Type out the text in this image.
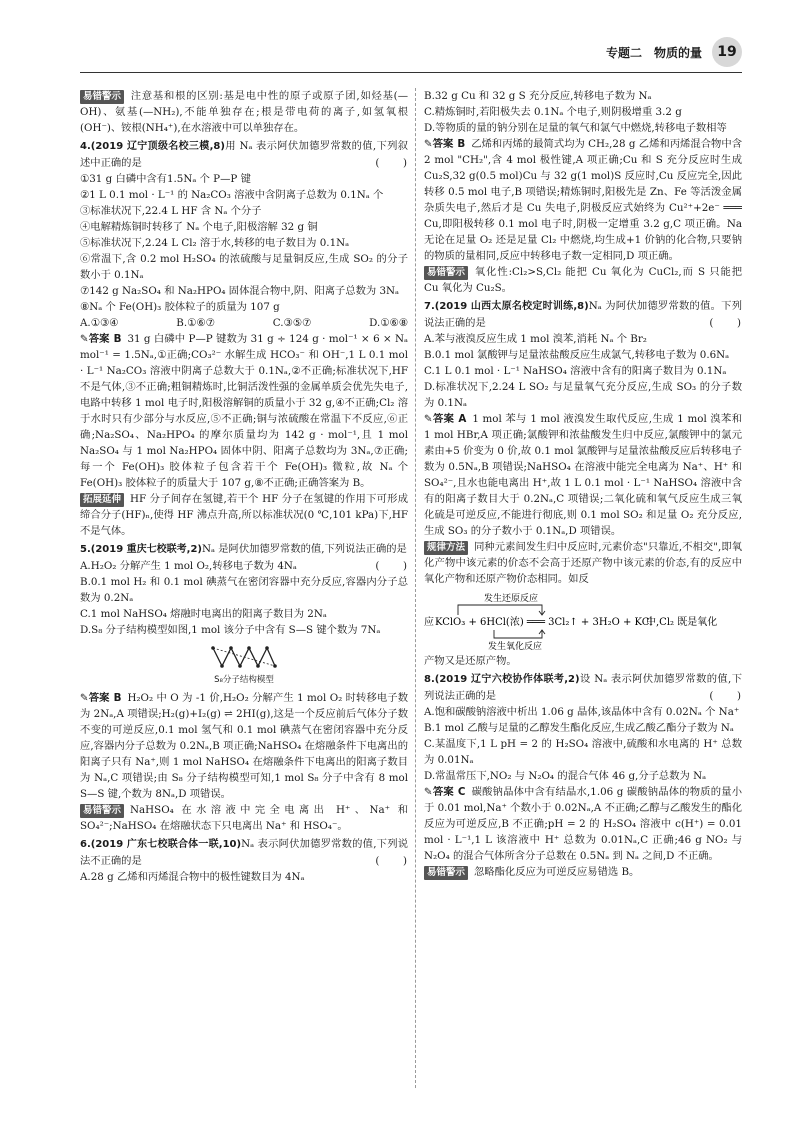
专题二　物质的量	19
易错警示 注意基和根的区别:基是电中性的原子或原子团,如烃基(—OH)、氨基(—NH₂),不能单独存在;根是带电荷的离子,如氢氧根(OH⁻)、铵根(NH₄⁺),在水溶液中可以单独存在。
4.(2019 辽宁顶级名校三模,8)用 Nₐ 表示阿伏加德罗常数的值,下列叙述中正确的是	(　　)
①31 g 白磷中含有1.5Nₐ 个 P—P 键
②1 L 0.1 mol · L⁻¹ 的 Na₂CO₃ 溶液中含阴离子总数为 0.1Nₐ 个
③标准状况下,22.4 L HF 含 Nₐ 个分子
④电解精炼铜时转移了 Nₐ 个电子,阳极溶解 32 g 铜
⑤标准状况下,2.24 L Cl₂ 溶于水,转移的电子数目为 0.1Nₐ
⑥常温下,含 0.2 mol H₂SO₄ 的浓硫酸与足量铜反应,生成 SO₂ 的分子数小于 0.1Nₐ
⑦142 g Na₂SO₄ 和 Na₂HPO₄ 固体混合物中,阴、阳离子总数为 3Nₐ
⑧Nₐ 个 Fe(OH)₃ 胶体粒子的质量为 107 g
A.①③④	B.①⑥⑦	C.③⑤⑦	D.①⑥⑧
✎答案 B 31 g 白磷中 P—P 键数为 31 g ÷ 124 g · mol⁻¹ × 6 × Nₐ mol⁻¹ = 1.5Nₐ,①正确;CO₃²⁻ 水解生成 HCO₃⁻ 和 OH⁻,1 L 0.1 mol · L⁻¹ Na₂CO₃ 溶液中阴离子总数大于 0.1Nₐ,②不正确;标准状况下,HF 不是气体,③不正确;粗铜精炼时,比铜活泼性强的金属单质会优先失电子,电路中转移 1 mol 电子时,阳极溶解铜的质量小于 32 g,④不正确;Cl₂ 溶于水时只有少部分与水反应,⑤不正确;铜与浓硫酸在常温下不反应,⑥正确;Na₂SO₄、Na₂HPO₄ 的摩尔质量均为 142 g · mol⁻¹,且 1 mol Na₂SO₄ 与 1 mol Na₂HPO₄ 固体中阴、阳离子总数均为 3Nₐ,⑦正确;每一个 Fe(OH)₃ 胶体粒子包含若干个 Fe(OH)₃ 微粒,故 Nₐ 个 Fe(OH)₃ 胶体粒子的质量大于 107 g,⑧不正确;正确答案为 B。
拓展延伸 HF 分子间存在氢键,若干个 HF 分子在氢键的作用下可形成缔合分子(HF)ₙ,使得 HF 沸点升高,所以标准状况(0 ℃,101 kPa)下,HF 不是气体。
5.(2019 重庆七校联考,2)Nₐ 是阿伏加德罗常数的值,下列说法正确的是
(　　)
A.H₂O₂ 分解产生 1 mol O₂,转移电子数为 4Nₐ
B.0.1 mol H₂ 和 0.1 mol 碘蒸气在密闭容器中充分反应,容器内分子总数为 0.2Nₐ
C.1 mol NaHSO₄ 熔融时电离出的阳离子数目为 2Nₐ
D.S₈ 分子结构模型如图,1 mol 该分子中含有 S—S 键个数为 7Nₐ
S₈分子结构模型
✎答案 B H₂O₂ 中 O 为 -1 价,H₂O₂ 分解产生 1 mol O₂ 时转移电子数为 2Nₐ,A 项错误;H₂(g)+I₂(g) ⇌ 2HI(g),这是一个反应前后气体分子数不变的可逆反应,0.1 mol 氢气和 0.1 mol 碘蒸气在密闭容器中充分反应,容器内分子总数为 0.2Nₐ,B 项正确;NaHSO₄ 在熔融条件下电离出的阳离子只有 Na⁺,则 1 mol NaHSO₄ 在熔融条件下电离出的阳离子数目为 Nₐ,C 项错误;由 S₈ 分子结构模型可知,1 mol S₈ 分子中含有 8 mol S—S 键,个数为 8Nₐ,D 项错误。
易错警示 NaHSO₄ 在水溶液中完全电离出 H⁺、Na⁺ 和 SO₄²⁻;NaHSO₄ 在熔融状态下只电离出 Na⁺ 和 HSO₄⁻。
6.(2019 广东七校联合体一联,10)Nₐ 表示阿伏加德罗常数的值,下列说法不正确的是	(　　)
A.28 g 乙烯和丙烯混合物中的极性键数目为 4Nₐ
B.32 g Cu 和 32 g S 充分反应,转移电子数为 Nₐ
C.精炼铜时,若阳极失去 0.1Nₐ 个电子,则阴极增重 3.2 g
D.等物质的量的钠分别在足量的氧气和氯气中燃烧,转移电子数相等
✎答案 B 乙烯和丙烯的最简式均为 CH₂,28 g 乙烯和丙烯混合物中含 2 mol "CH₂",含 4 mol 极性键,A 项正确;Cu 和 S 充分反应时生成 Cu₂S,32 g(0.5 mol)Cu 与 32 g(1 mol)S 反应时,Cu 反应完全,因此转移 0.5 mol 电子,B 项错误;精炼铜时,阳极先是 Zn、Fe 等活泼金属杂质失电子,然后才是 Cu 失电子,阴极反应式始终为 Cu²⁺+2e⁻ ═══ Cu,即阳极转移 0.1 mol 电子时,阴极一定增重 3.2 g,C 项正确。Na 无论在足量 O₂ 还是足量 Cl₂ 中燃烧,均生成+1 价钠的化合物,只要钠的物质的量相同,反应中转移电子数一定相同,D 项正确。
易错警示 氧化性:Cl₂>S,Cl₂ 能把 Cu 氧化为 CuCl₂,而 S 只能把 Cu 氧化为 Cu₂S。
7.(2019 山西太原名校定时训练,8)Nₐ 为阿伏加德罗常数的值。下列说法正确的是	(　　)
A.苯与液溴反应生成 1 mol 溴苯,消耗 Nₐ 个 Br₂
B.0.1 mol 氯酸钾与足量浓盐酸反应生成氯气,转移电子数为 0.6Nₐ
C.1 L 0.1 mol · L⁻¹ NaHSO₄ 溶液中含有的阳离子数目为 0.1Nₐ
D.标准状况下,2.24 L SO₂ 与足量氧气充分反应,生成 SO₃ 的分子数为 0.1Nₐ
✎答案 A 1 mol 苯与 1 mol 液溴发生取代反应,生成 1 mol 溴苯和 1 mol HBr,A 项正确;氯酸钾和浓盐酸发生归中反应,氯酸钾中的氯元素由+5 价变为 0 价,故 0.1 mol 氯酸钾与足量浓盐酸反应后转移电子数为 0.5Nₐ,B 项错误;NaHSO₄ 在溶液中能完全电离为 Na⁺、H⁺ 和 SO₄²⁻,且水也能电离出 H⁺,故 1 L 0.1 mol · L⁻¹ NaHSO₄ 溶液中含有的阳离子数目大于 0.2Nₐ,C 项错误;二氧化硫和氧气反应生成三氧化硫是可逆反应,不能进行彻底,则 0.1 mol SO₂ 和足量 O₂ 充分反应,生成 SO₃ 的分子数小于 0.1Nₐ,D 项错误。
规律方法 同种元素间发生归中反应时,元素价态"只靠近,不相交",即氧化产物中该元素的价态不会高于还原产物中该元素的价态,有的反应中氧化产物和还原产物价态相同。如反
发生还原反应
应 KClO₃ + 6HCl(浓) ═══ 3Cl₂↑ + 3H₂O + KCl
中,Cl₂ 既是氧化
发生氧化反应
产物又是还原产物。
8.(2019 辽宁六校协作体联考,2)设 Nₐ 表示阿伏加德罗常数的值,下列说法正确的是	(　　)
A.饱和碳酸钠溶液中析出 1.06 g 晶体,该晶体中含有 0.02Nₐ 个 Na⁺
B.1 mol 乙酸与足量的乙醇发生酯化反应,生成乙酸乙酯分子数为 Nₐ
C.某温度下,1 L pH = 2 的 H₂SO₄ 溶液中,硫酸和水电离的 H⁺ 总数为 0.01Nₐ
D.常温常压下,NO₂ 与 N₂O₄ 的混合气体 46 g,分子总数为 Nₐ
✎答案 C 碳酸钠晶体中含有结晶水,1.06 g 碳酸钠晶体的物质的量小于 0.01 mol,Na⁺ 个数小于 0.02Nₐ,A 不正确;乙醇与乙酸发生的酯化反应为可逆反应,B 不正确;pH = 2 的 H₂SO₄ 溶液中 c(H⁺) = 0.01 mol · L⁻¹,1 L 该溶液中 H⁺ 总数为 0.01Nₐ,C 正确;46 g NO₂ 与 N₂O₄ 的混合气体所含分子总数在 0.5Nₐ 到 Nₐ 之间,D 不正确。
易错警示 忽略酯化反应为可逆反应易错选 B。
